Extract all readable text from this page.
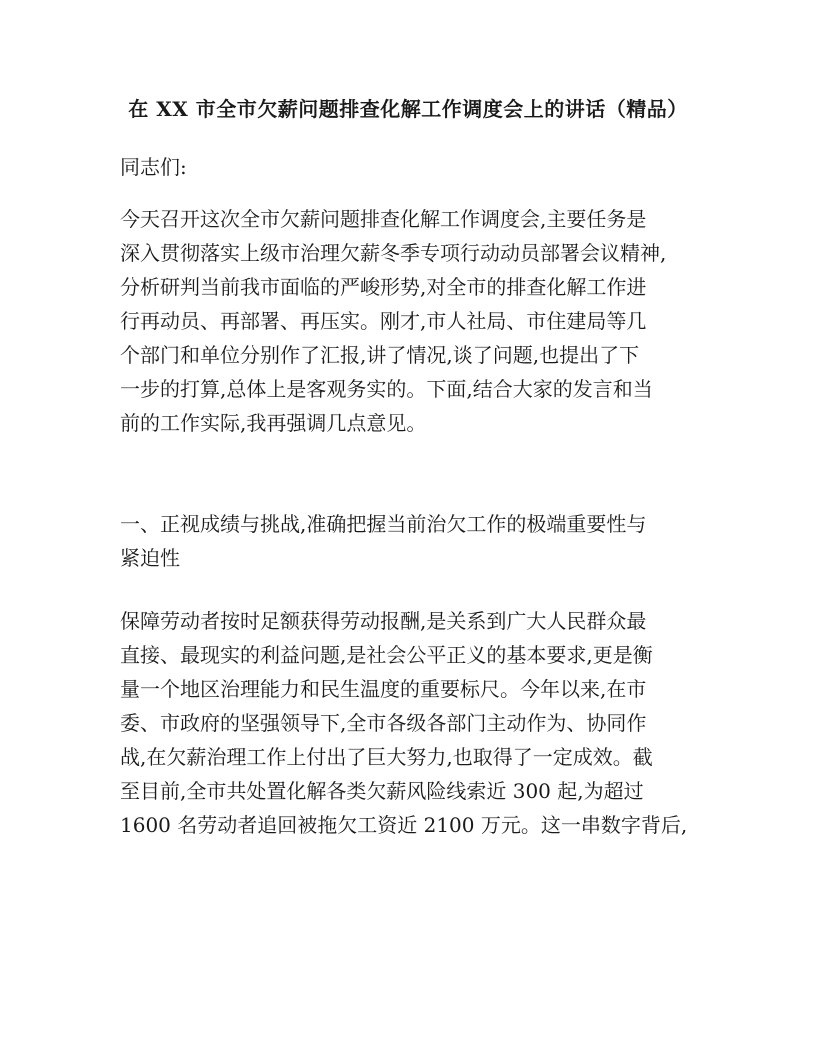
在 XX 市全市欠薪问题排查化解工作调度会上的讲话（精品）
同志们:
今天召开这次全市欠薪问题排查化解工作调度会,主要任务是
深入贯彻落实上级市治理欠薪冬季专项行动动员部署会议精神,
分析研判当前我市面临的严峻形势,对全市的排查化解工作进
行再动员、再部署、再压实。刚才,市人社局、市住建局等几
个部门和单位分别作了汇报,讲了情况,谈了问题,也提出了下
一步的打算,总体上是客观务实的。下面,结合大家的发言和当
前的工作实际,我再强调几点意见。
一、正视成绩与挑战,准确把握当前治欠工作的极端重要性与
紧迫性
保障劳动者按时足额获得劳动报酬,是关系到广大人民群众最
直接、最现实的利益问题,是社会公平正义的基本要求,更是衡
量一个地区治理能力和民生温度的重要标尺。今年以来,在市
委、市政府的坚强领导下,全市各级各部门主动作为、协同作
战,在欠薪治理工作上付出了巨大努力,也取得了一定成效。截
至目前,全市共处置化解各类欠薪风险线索近 300 起,为超过
1600 名劳动者追回被拖欠工资近 2100 万元。这一串数字背后,
